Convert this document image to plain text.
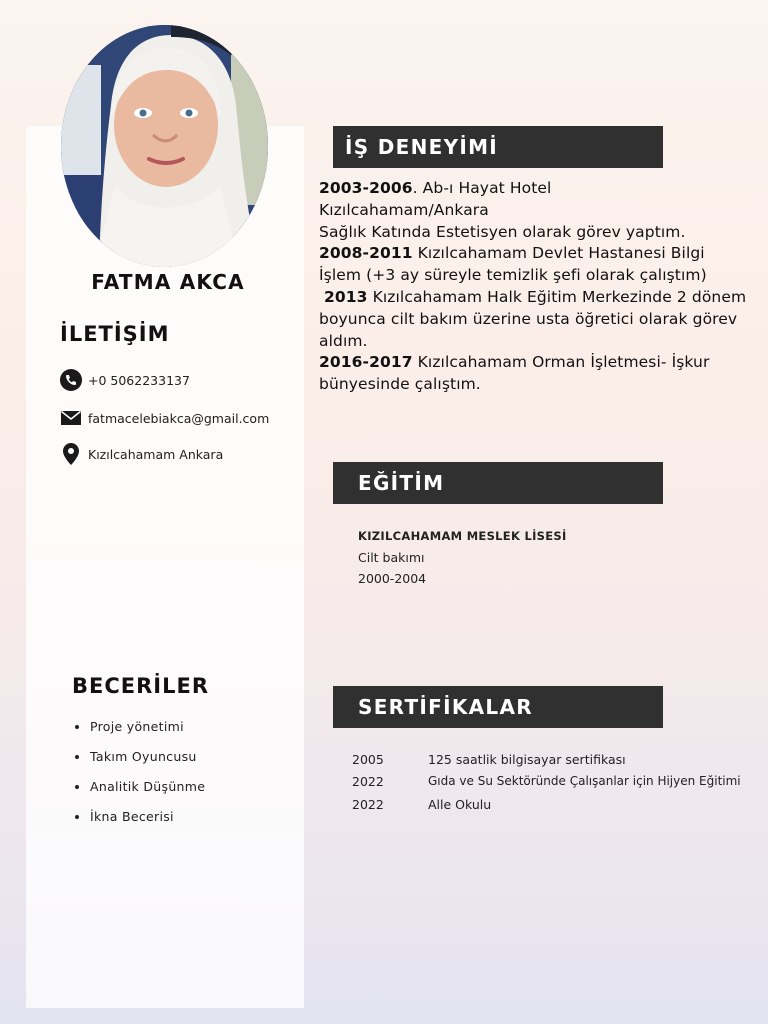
FATMA AKCA
İLETİŞİM
+0 5062233137
fatmacelebiakca@gmail.com
Kızılcahamam Ankara
BECERİLER
• Proje yönetimi
• Takım Oyuncusu
• Analitik Düşünme
• İkna Becerisi
İŞ DENEYİMİ

2003-2006. Ab-ı Hayat Hotel
Kızılcahamam/Ankara
Sağlık Katında Estetisyen olarak görev yaptım.

2008-2011 Kızılcahamam Devlet Hastanesi Bilgi İşlem (+3 ay süreyle temizlik şefi olarak çalıştım)

2013 Kızılcahamam Halk Eğitim Merkezinde 2 dönem boyunca cilt bakım üzerine usta öğretici olarak görev aldım.

2016-2017 Kızılcahamam Orman İşletmesi- İşkur bünyesinde çalıştım.

EĞİTİM
KIZILCAHAMAM MESLEK LİSESİ
Cilt bakımı
2000-2004
SERTİFİKALAR
2005	125 saatlik bilgisayar sertifikası
2022	Gıda ve Su Sektöründe Çalışanlar için Hijyen Eğitimi
2022	Alle Okulu
